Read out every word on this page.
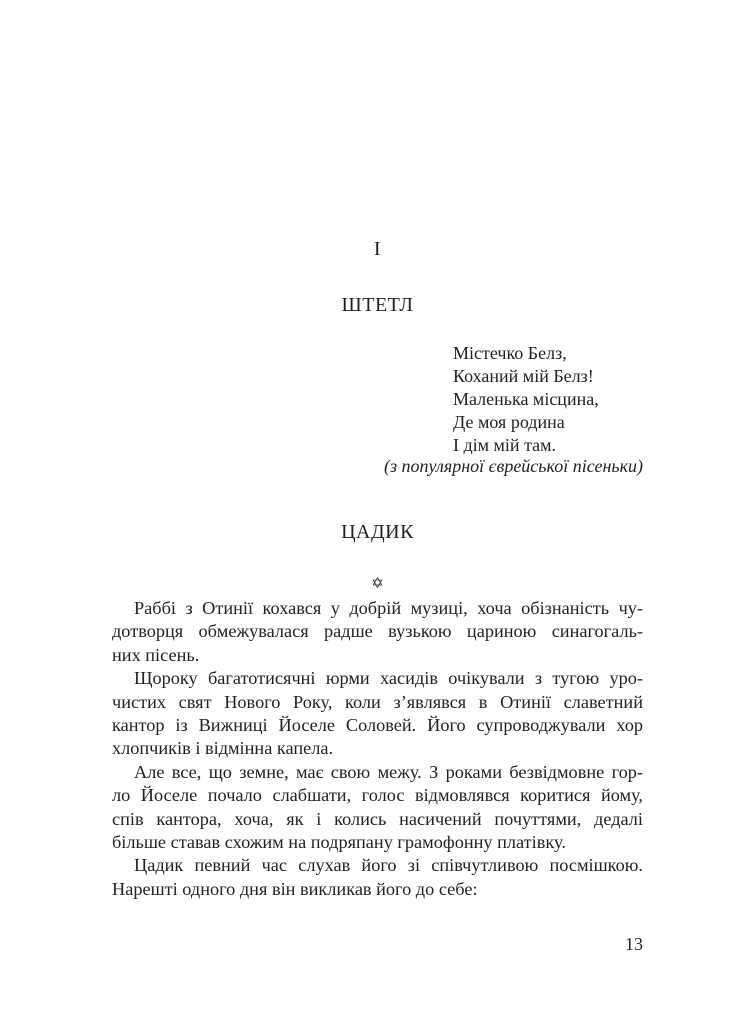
I
ШТЕТЛ
Містечко Белз,
Коханий мій Белз!
Маленька місцина,
Де моя родина
І дім мій там.
(з популярної єврейської пісеньки)
ЦАДИК
✡
Раббі з Отинії кохався у добрій музиці, хоча обізнаність чу-
дотворця обмежувалася радше вузькою цариною синагогаль-
них пісень.
Щороку багатотисячні юрми хасидів очікували з тугою уро-
чистих свят Нового Року, коли з’являвся в Отинії славетний
кантор із Вижниці Йоселе Соловей. Його супроводжували хор
хлопчиків і відмінна капела.
Але все, що земне, має свою межу. З роками безвідмовне гор-
ло Йоселе почало слабшати, голос відмовлявся коритися йому,
спів кантора, хоча, як і колись насичений почуттями, дедалі
більше ставав схожим на подряпану грамофонну платівку.
Цадик певний час слухав його зі співчутливою посмішкою.
Нарешті одного дня він викликав його до себе:
13
